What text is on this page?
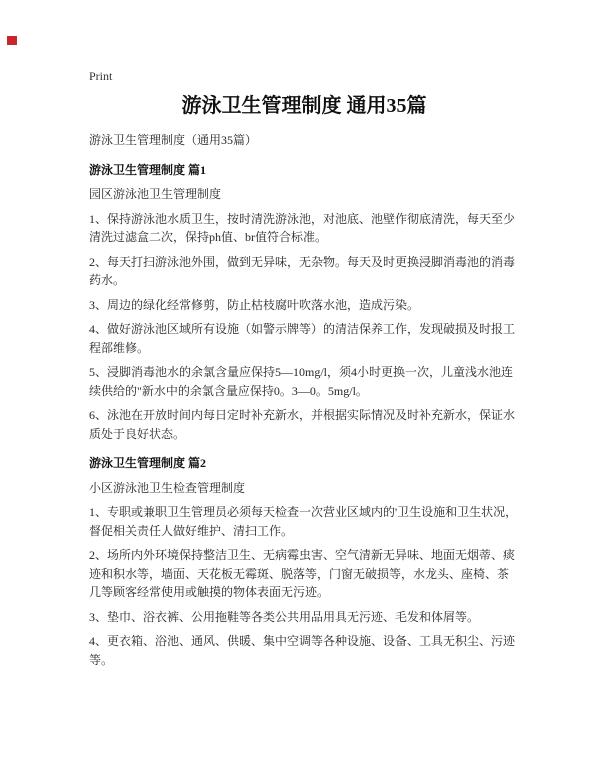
Print

游泳卫生管理制度 通用35篇

游泳卫生管理制度（通用35篇）

游泳卫生管理制度 篇1

园区游泳池卫生管理制度

1、保持游泳池水质卫生，按时清洗游泳池，对池底、池壁作彻底清洗，每天至少清洗过滤盒二次，保持ph值、br值符合标准。

2、每天打扫游泳池外围，做到无异味，无杂物。每天及时更换浸脚消毒池的消毒药水。

3、周边的绿化经常修剪，防止枯枝腐叶吹落水池，造成污染。

4、做好游泳池区域所有设施（如警示牌等）的清洁保养工作，发现破损及时报工程部维修。

5、浸脚消毒池水的余氯含量应保持5—10mg/l，须4小时更换一次，儿童浅水池连续供给的"新水中的余氯含量应保持0。3—0。5mg/l。

6、泳池在开放时间内每日定时补充新水，并根据实际情况及时补充新水，保证水质处于良好状态。

游泳卫生管理制度 篇2

小区游泳池卫生检查管理制度

1、专职或兼职卫生管理员必须每天检查一次营业区域内的'卫生设施和卫生状况，督促相关责任人做好维护、清扫工作。

2、场所内外环境保持整洁卫生、无病霉虫害、空气清新无异味、地面无烟蒂、痰迹和积水等，墙面、天花板无霉斑、脱落等，门窗无破损等，水龙头、座椅、茶几等顾客经常使用或触摸的物体表面无污迹。

3、垫巾、浴衣裤、公用拖鞋等各类公共用品用具无污迹、毛发和体屑等。

4、更衣箱、浴池、通风、供暖、集中空调等各种设施、设备、工具无积尘、污迹等。
